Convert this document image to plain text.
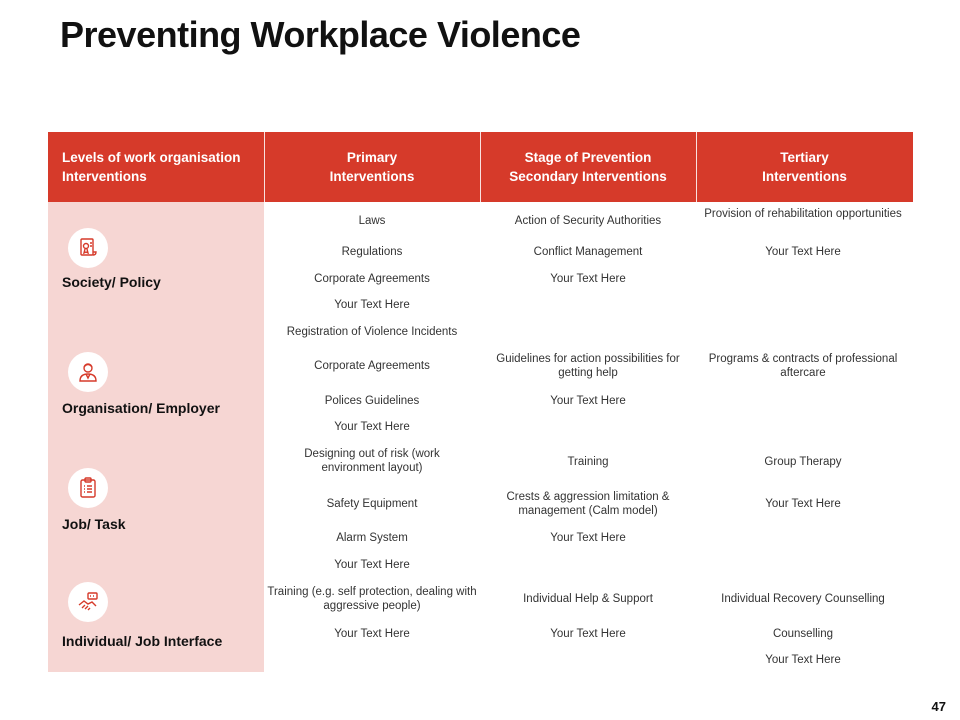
Preventing Workplace Violence
Levels of work organisation Interventions
Primary
Interventions
Stage of Prevention
Secondary Interventions
Tertiary
Interventions
Society/ Policy
Organisation/ Employer
Job/ Task
Individual/ Job Interface
Laws
Regulations
Corporate Agreements
Your Text Here
Registration of Violence Incidents
Corporate Agreements
Polices Guidelines
Your Text Here
Designing out of risk (work environment layout)
Safety Equipment
Alarm System
Your Text Here
Training (e.g. self protection, dealing with aggressive people)
Your Text Here
Action of Security Authorities
Conflict Management
Your Text Here
Guidelines for action possibilities for getting help
Your Text Here
Training
Crests & aggression limitation & management (Calm model)
Your Text Here
Individual Help & Support
Your Text Here
Provision of rehabilitation opportunities
Your Text Here
Programs & contracts of professional aftercare
Group Therapy
Your Text Here
Individual Recovery Counselling
Counselling
Your Text Here
47
